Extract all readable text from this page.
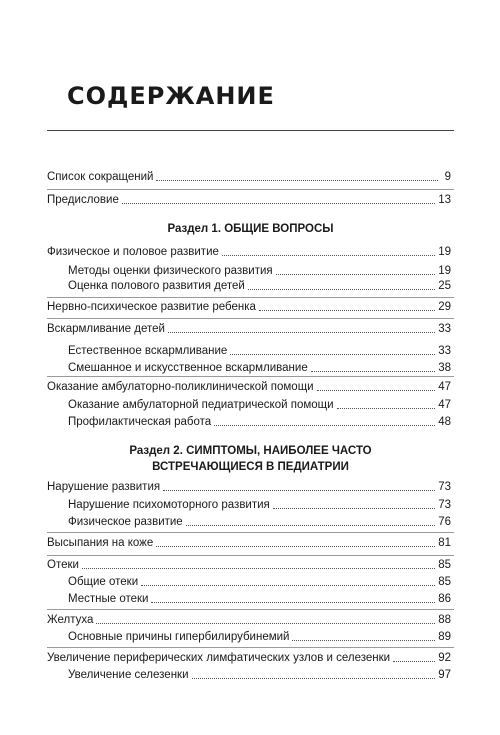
СОДЕРЖАНИЕ
Список сокращений	9
Предисловие	13
Раздел 1. ОБЩИЕ ВОПРОСЫ
Физическое и половое развитие	19
Методы оценки физического развития	19
Оценка полового развития детей	25
Нервно-психическое развитие ребенка	29
Вскармливание детей	33
Естественное вскармливание	33
Смешанное и искусственное вскармливание	38
Оказание амбулаторно-поликлинической помощи	47
Оказание амбулаторной педиатрической помощи	47
Профилактическая работа	48
Раздел 2. СИМПТОМЫ, НАИБОЛЕЕ ЧАСТО
ВСТРЕЧАЮЩИЕСЯ В ПЕДИАТРИИ
Нарушение развития	73
Нарушение психомоторного развития	73
Физическое развитие	76
Высыпания на коже	81
Отеки	85
Общие отеки	85
Местные отеки	86
Желтуха	88
Основные причины гипербилирубинемий	89
Увеличение периферических лимфатических узлов и селезенки	92
Увеличение селезенки	97
